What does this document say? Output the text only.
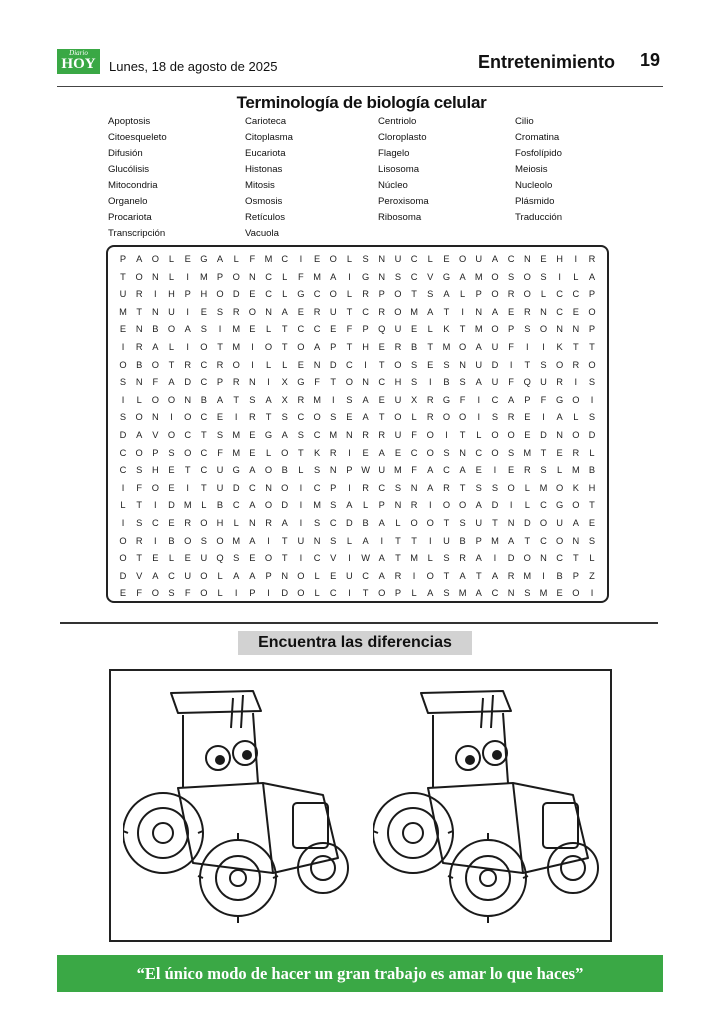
Diario
HOY	Lunes, 18 de agosto de 2025	Entretenimiento 19
Terminología de biología celular
Apoptosis	Carioteca	Centriolo	Cilio
Citoesqueleto	Citoplasma	Cloroplasto	Cromatina
Difusión	Eucariota	Flagelo	Fosfolípido
Glucólisis	Histonas	Lisosoma	Meiosis
Mitocondria	Mitosis	Núcleo	Nucleolo
Organelo	Osmosis	Peroxisoma	Plásmido
Procariota	Retículos	Ribosoma	Traducción
Transcripción	Vacuola
P	A	O	L	E	G	A	L	F	M C	I	E	O	L	S	N	U	C	L	E	O U	A	C	N	E	H	I	R
T	O N	L	I	M P	O N	C	L	F	M A	I	G N	S	C	V	G	A M O	S	O	S	I	L	A
U	R	I	H	P	H O D	E	C	L	G C O	L	R	P	O	T	S	A	L	P	O R O	L	C	C	P
M	T	N	U	I	E	S	R O N	A	E	R	U	T	C	R O M A	T	I	N	A	E	R	N	C	E	O
E	N	B	O	A	S	I	M E	L	T	C	C	E	F	P	Q U	E	L	K	T	M O	P	S	O N	N	P
I	R	A	L	I	O	T	M	I	O	T	O	A	P	T	H	E	R	B	T	M O	A	U	F	I	I	K	T	T
O	B	O	T	R	C	R O	I	L	L	E	N	D	C	I	T	O	S	E	S	N	U	D	I	T	S	O R O
S	N	F	A	D	C	P	R	N	I	X	G	F	T	O N	C	H	S	I	B	S	A	U	F	Q U	R	I	S
I	L	O O N	B	A	T	S	A	X	R M	I	S	A	E	U	X	R G	F	I	C	A	P	F	G O	I
S	O N	I	O C	E	I	R	T	S	C O	S	E	A	T	O	L	R O O	I	S	R	E	I	A	L	S
D	A	V	O C	T	S M E	G	A	S	C M N	R	R	U	F	O	I	T	L	O O	E	D	N O D
C O	P	S	O C	F	M E	L	O	T	K	R	I	E	A	E	C O	S	N	C O	S M	T	E	R	L
C	S	H	E	T	C	U G	A	O	B	L	S	N	P W U M	F	A	C	A	E	I	E	R	S	L	M B
I	F	O	E	I	T	U	D	C	N O	I	C	P	I	R	C	S	N	A	R	T	S	S	O	L	M O	K	H
L	T	I	D M	L	B	C	A	O D	I	M S	A	L	P	N	R	I	O O	A	D	I	L	C G O	T
I	S	C	E	R O H	L	N	R	A	I	S	C	D	B	A	L	O O	T	S	U	T	N	D O U	A	E
O R	I	B	O	S	O M A	I	T	U	N	S	L	A	I	T	T	I	U	B	P M A	T	C O N	S
O	T	E	L	E	U Q	S	E	O	T	I	C	V	I	W A	T	M	L	S	R	A	I	D O N	C	T	L
D	V	A	C	U O	L	A	A	P	N O	L	E	U	C	A	R	I	O	T	A	T	A	R M	I	B	P	Z
E	F	O	S	F	O	L	I	P	I	D O	L	C	I	T	O	P	L	A	S M A	C	N	S M E	O	I
Encuentra las diferencias
“El único modo de hacer un gran trabajo es amar lo que haces”
